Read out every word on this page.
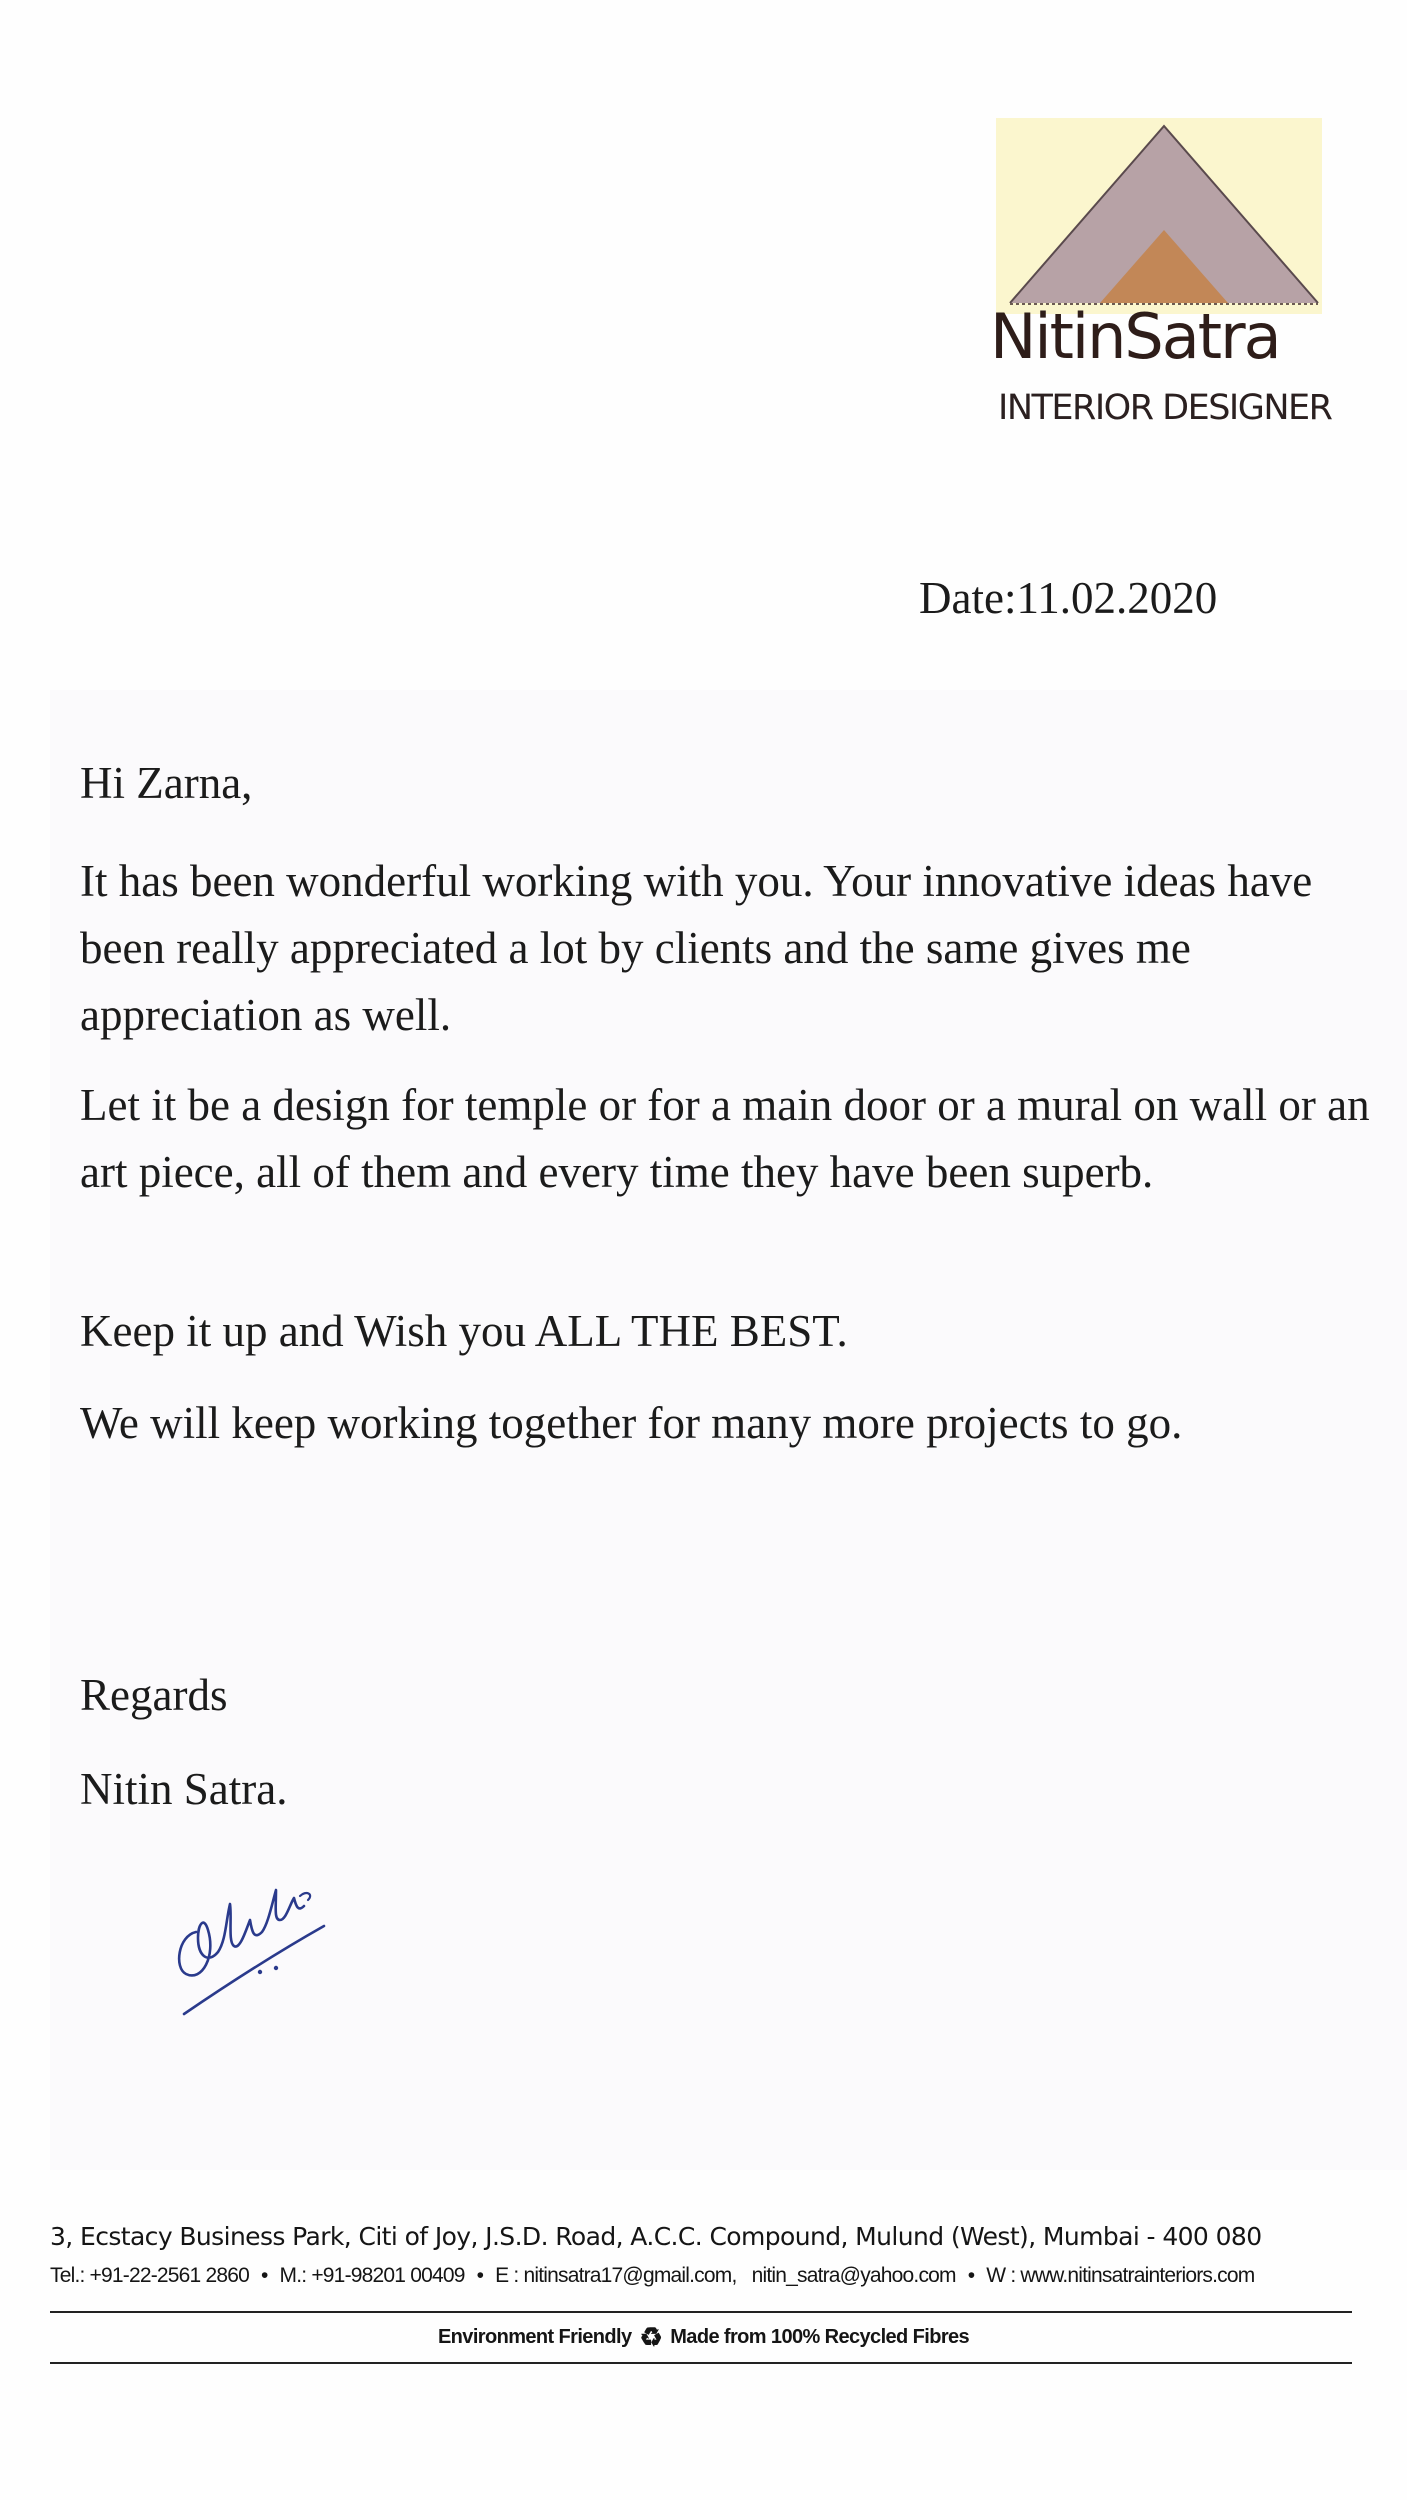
NitinSatra
INTERIOR DESIGNER
Date:11.02.2020
Hi Zarna,

It has been wonderful working with you. Your innovative ideas have been really appreciated a lot by clients and the same gives me appreciation as well.

Let it be a design for temple or for a main door or a mural on wall or an art piece, all of them and every time they have been superb.

Keep it up and Wish you ALL THE BEST.

We will keep working together for many more projects to go.

Regards
Nitin Satra.
3, Ecstacy Business Park, Citi of Joy, J.S.D. Road, A.C.C. Compound, Mulund (West), Mumbai - 400 080
Tel.: +91-22-2561 2860 • M.: +91-98201 00409 • E : nitinsatra17@gmail.com, nitin_satra@yahoo.com • W : www.nitinsatrainteriors.com
Environment Friendly ♻ Made from 100% Recycled Fibres
